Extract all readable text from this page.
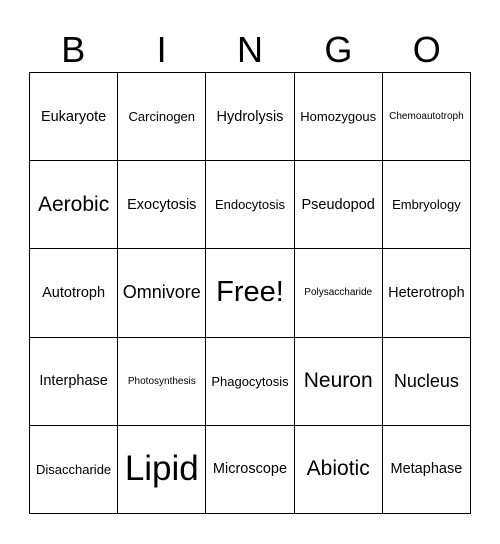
B	I	N	G	O
Eukaryote Carcinogen Hydrolysis Homozygous Chemoautotroph
Aerobic Exocytosis Endocytosis Pseudopod Embryology
Autotroph Omnivore Free! Polysaccharide Heterotroph
Interphase Photosynthesis Phagocytosis Neuron Nucleus
Disaccharide Lipid Microscope Abiotic Metaphase
